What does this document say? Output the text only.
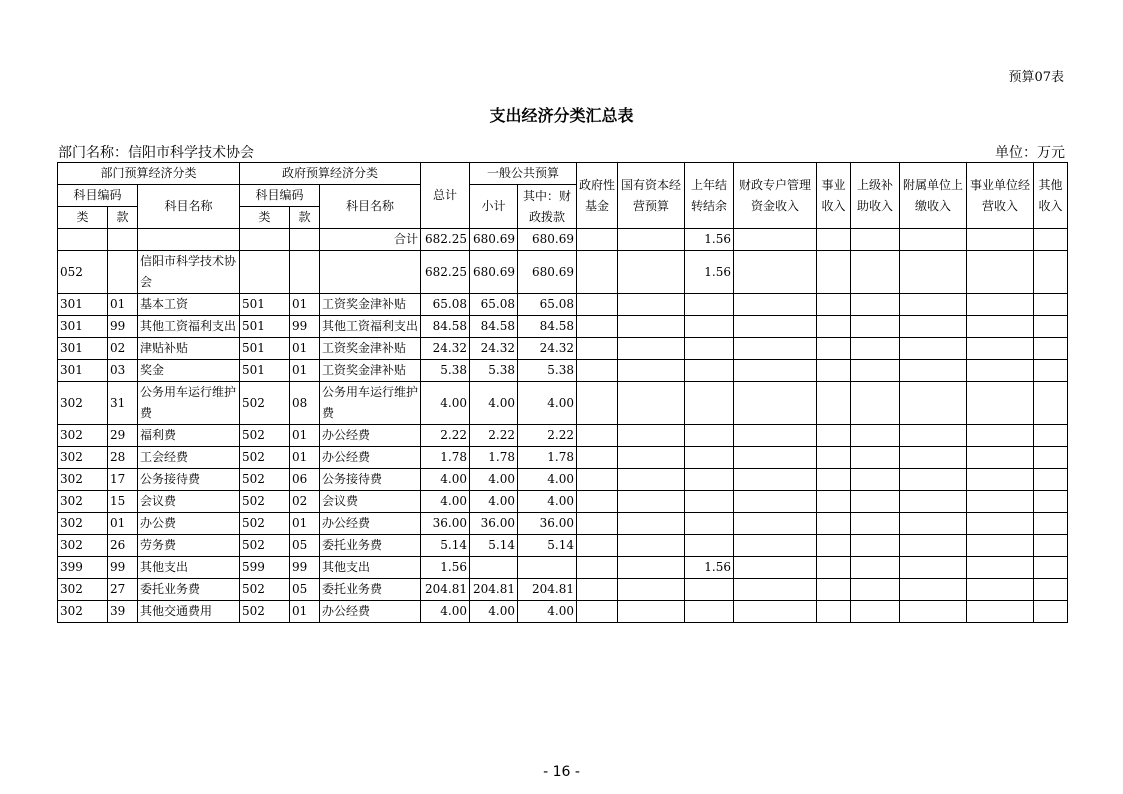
预算07表
支出经济分类汇总表
部门名称：信阳市科学技术协会	单位：万元
部门预算经济分类			政府预算经济分类			总计	一般公共预算		政府性基金	国有资本经营预算	上年结转结余	财政专户管理资金收入	事业收入	上级补助收入	附属单位上缴收入	事业单位经营收入	其他收入
科目编码		科目名称	科目编码		科目名称		小计	其中：财政拨款									
类	款		类	款													
					合计	682.25	680.69	680.69			1.56						
052		信阳市科学技术协会				682.25	680.69	680.69			1.56						
301	01	基本工资	501	01	工资奖金津补贴	65.08	65.08	65.08									
301	99	其他工资福利支出	501	99	其他工资福利支出	84.58	84.58	84.58									
301	02	津贴补贴	501	01	工资奖金津补贴	24.32	24.32	24.32									
301	03	奖金	501	01	工资奖金津补贴	5.38	5.38	5.38									
302	31	公务用车运行维护费	502	08	公务用车运行维护费	4.00	4.00	4.00									
302	29	福利费	502	01	办公经费	2.22	2.22	2.22									
302	28	工会经费	502	01	办公经费	1.78	1.78	1.78									
302	17	公务接待费	502	06	公务接待费	4.00	4.00	4.00									
302	15	会议费	502	02	会议费	4.00	4.00	4.00									
302	01	办公费	502	01	办公经费	36.00	36.00	36.00									
302	26	劳务费	502	05	委托业务费	5.14	5.14	5.14									
399	99	其他支出	599	99	其他支出	1.56					1.56						
302	27	委托业务费	502	05	委托业务费	204.81	204.81	204.81									
302	39	其他交通费用	502	01	办公经费	4.00	4.00	4.00									
- 16 -
